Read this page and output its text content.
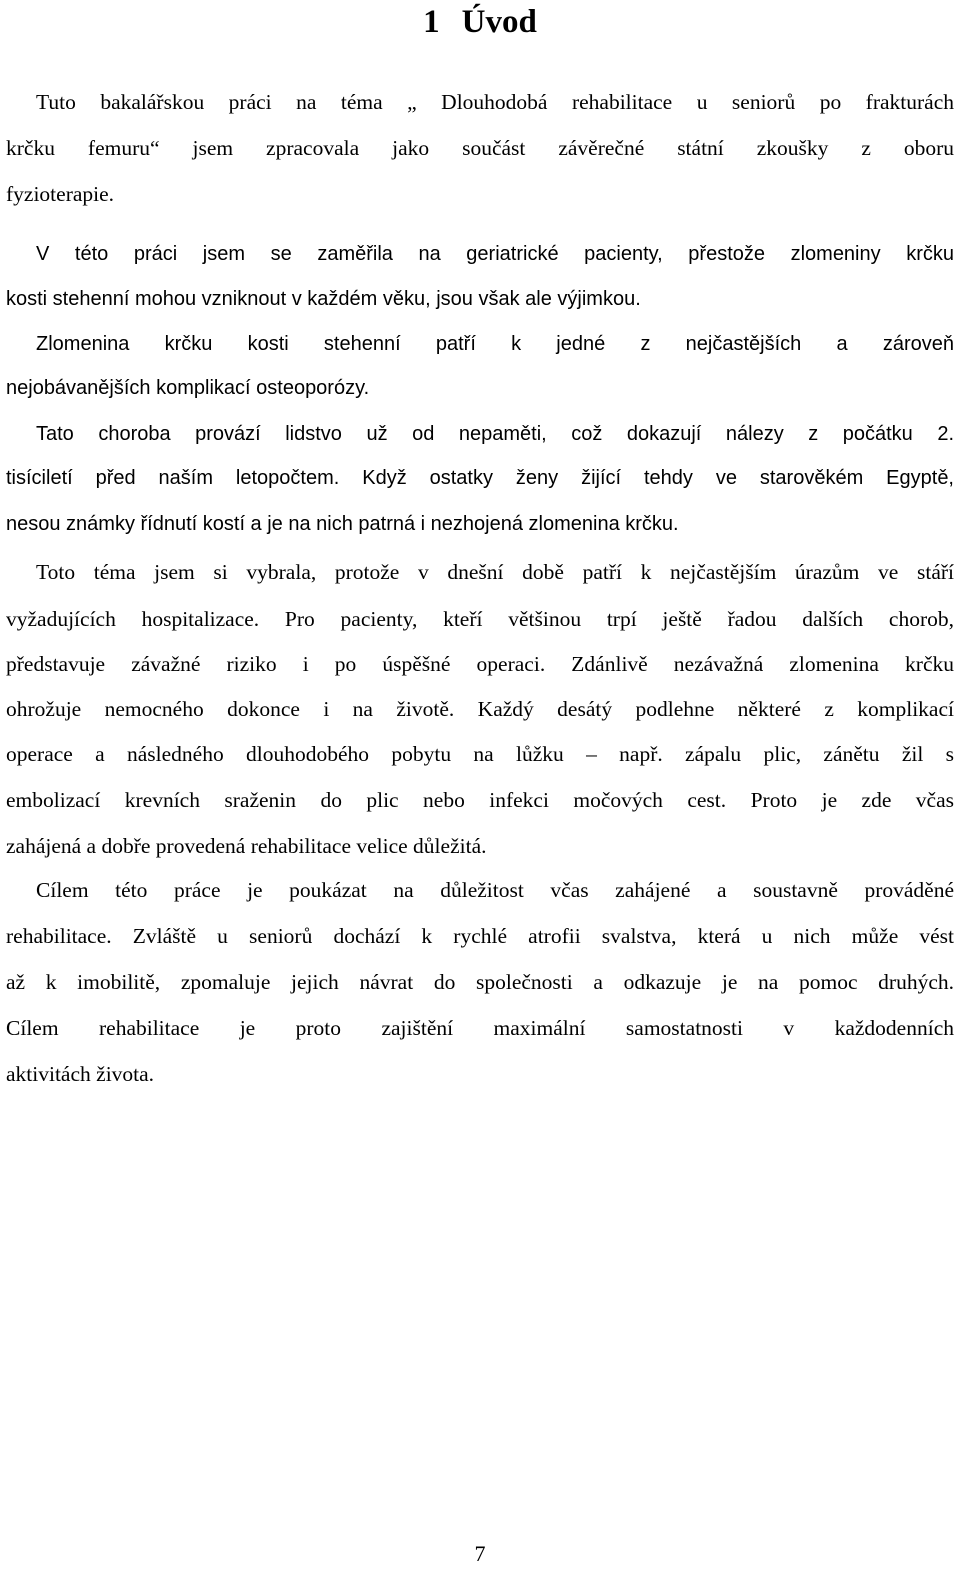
1 Úvod

Tuto bakalářskou práci na téma „ Dlouhodobá rehabilitace u seniorů po frakturách

krčku femuru“ jsem zpracovala jako součást závěrečné státní zkoušky z oboru

fyzioterapie.

V této práci jsem se zaměřila na geriatrické pacienty, přestože zlomeniny krčku

kosti stehenní mohou vzniknout v každém věku, jsou však ale výjimkou.

Zlomenina krčku kosti stehenní patří k jedné z nejčastějších a zároveň

nejobávanějších komplikací osteoporózy.

Tato choroba provází lidstvo už od nepaměti, což dokazují nálezy z počátku 2.

tisíciletí před naším letopočtem. Když ostatky ženy žijící tehdy ve starověkém Egyptě,

nesou známky řídnutí kostí a je na nich patrná i nezhojená zlomenina krčku.

Toto téma jsem si vybrala, protože v dnešní době patří k nejčastějším úrazům ve stáří

vyžadujících hospitalizace. Pro pacienty, kteří většinou trpí ještě řadou dalších chorob,

představuje závažné riziko i po úspěšné operaci. Zdánlivě nezávažná zlomenina krčku

ohrožuje nemocného dokonce i na životě. Každý desátý podlehne některé z komplikací

operace a následného dlouhodobého pobytu na lůžku – např. zápalu plic, zánětu žil s

embolizací krevních sraženin do plic nebo infekci močových cest. Proto je zde včas

zahájená a dobře provedená rehabilitace velice důležitá.

Cílem této práce je poukázat na důležitost včas zahájené a soustavně prováděné

rehabilitace. Zvláště u seniorů dochází k rychlé atrofii svalstva, která u nich může vést

až k imobilitě, zpomaluje jejich návrat do společnosti a odkazuje je na pomoc druhých.

Cílem rehabilitace je proto zajištění maximální samostatnosti v každodenních

aktivitách života.

7
